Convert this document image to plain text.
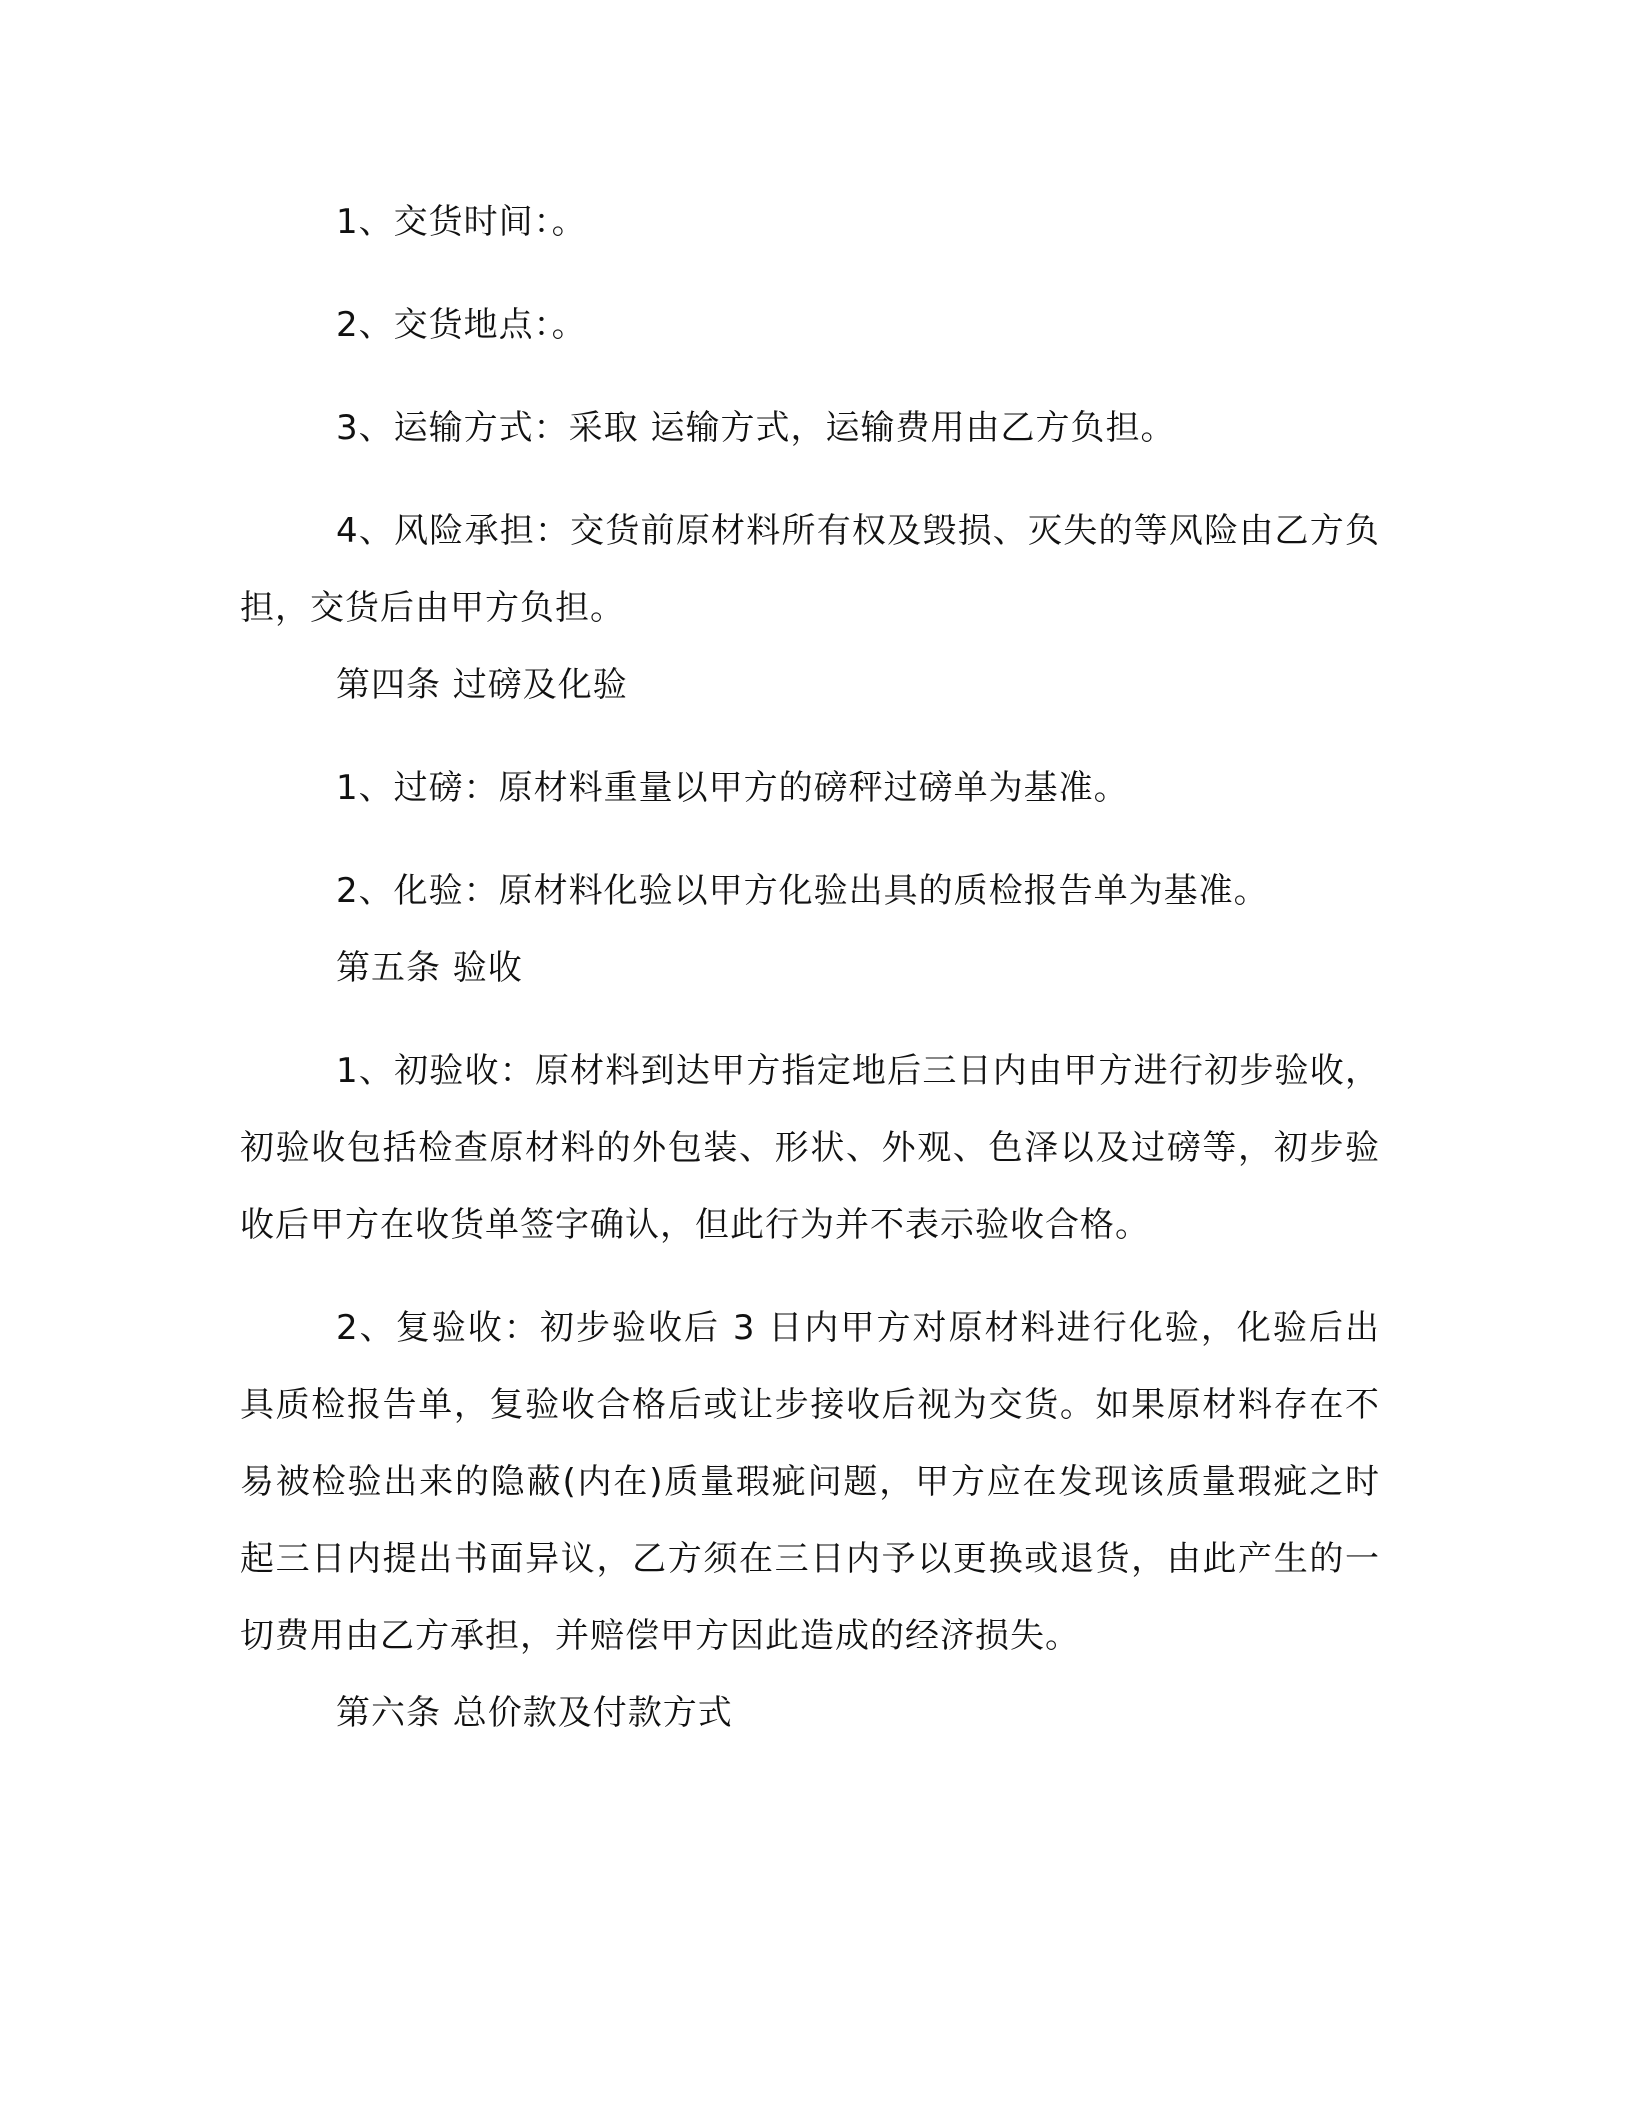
1、交货时间：。

2、交货地点：。

3、运输方式：采取 运输方式，运输费用由乙方负担。

4、风险承担：交货前原材料所有权及毁损、灭失的等风险由乙方负担，交货后由甲方负担。

第四条 过磅及化验

1、过磅：原材料重量以甲方的磅秤过磅单为基准。

2、化验：原材料化验以甲方化验出具的质检报告单为基准。

第五条 验收

1、初验收：原材料到达甲方指定地后三日内由甲方进行初步验收，初验收包括检查原材料的外包装、形状、外观、色泽以及过磅等，初步验收后甲方在收货单签字确认，但此行为并不表示验收合格。

2、复验收：初步验收后 3 日内甲方对原材料进行化验，化验后出具质检报告单，复验收合格后或让步接收后视为交货。如果原材料存在不易被检验出来的隐蔽(内在)质量瑕疵问题，甲方应在发现该质量瑕疵之时起三日内提出书面异议，乙方须在三日内予以更换或退货，由此产生的一切费用由乙方承担，并赔偿甲方因此造成的经济损失。

第六条 总价款及付款方式
